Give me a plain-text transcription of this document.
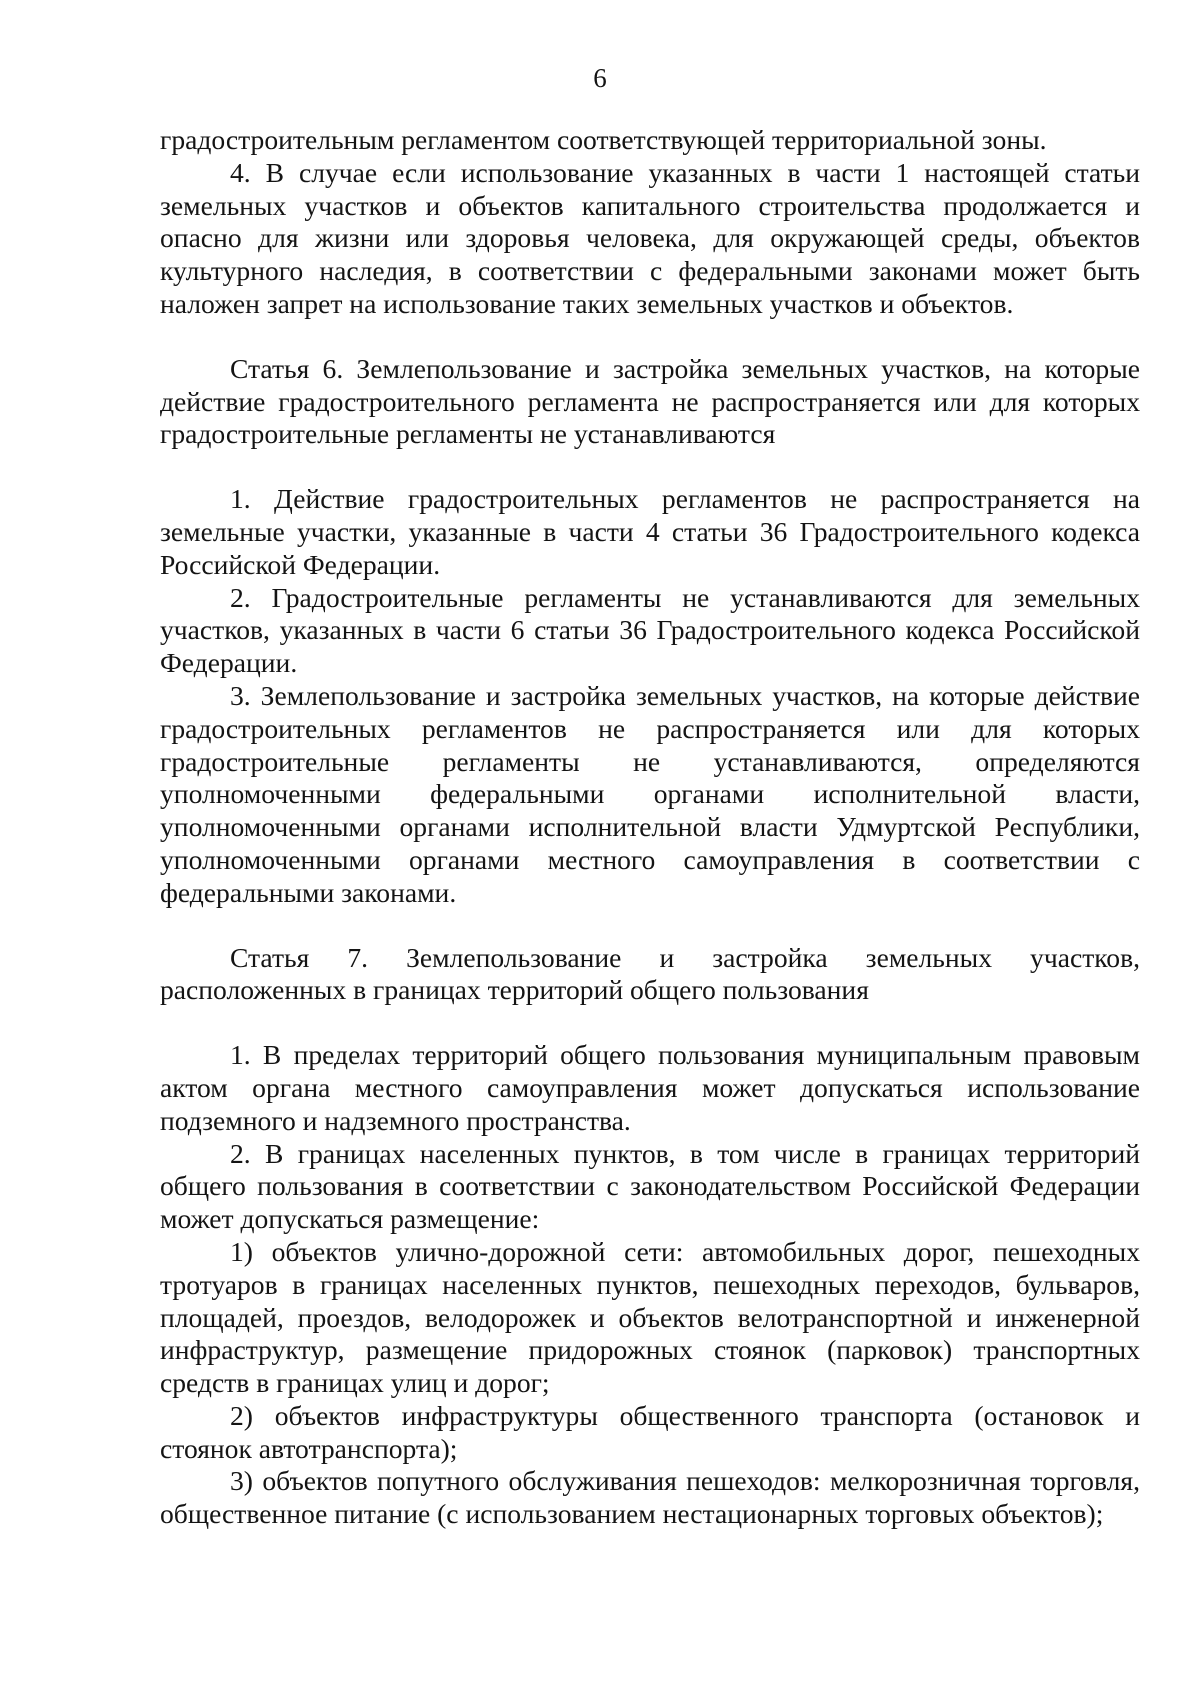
6

градостроительным регламентом соответствующей территориальной зоны.

4. В случае если использование указанных в части 1 настоящей статьи земельных участков и объектов капитального строительства продолжается и опасно для жизни или здоровья человека, для окружающей среды, объектов культурного наследия, в соответствии с федеральными законами может быть наложен запрет на использование таких земельных участков и объектов.

Статья 6. Землепользование и застройка земельных участков, на которые действие градостроительного регламента не распространяется или для которых градостроительные регламенты не устанавливаются

1. Действие градостроительных регламентов не распространяется на земельные участки, указанные в части 4 статьи 36 Градостроительного кодекса Российской Федерации.

2. Градостроительные регламенты не устанавливаются для земельных участков, указанных в части 6 статьи 36 Градостроительного кодекса Российской Федерации.

3. Землепользование и застройка земельных участков, на которые действие градостроительных регламентов не распространяется или для которых градостроительные регламенты не устанавливаются, определяются уполномоченными федеральными органами исполнительной власти, уполномоченными органами исполнительной власти Удмуртской Республики, уполномоченными органами местного самоуправления в соответствии с федеральными законами.

Статья 7. Землепользование и застройка земельных участков, расположенных в границах территорий общего пользования

1. В пределах территорий общего пользования муниципальным правовым актом органа местного самоуправления может допускаться использование подземного и надземного пространства.

2. В границах населенных пунктов, в том числе в границах территорий общего пользования в соответствии с законодательством Российской Федерации может допускаться размещение:

1) объектов улично-дорожной сети: автомобильных дорог, пешеходных тротуаров в границах населенных пунктов, пешеходных переходов, бульваров, площадей, проездов, велодорожек и объектов велотранспортной и инженерной инфраструктур, размещение придорожных стоянок (парковок) транспортных средств в границах улиц и дорог;

2) объектов инфраструктуры общественного транспорта (остановок и стоянок автотранспорта);

3) объектов попутного обслуживания пешеходов: мелкорозничная торговля, общественное питание (с использованием нестационарных торговых объектов);
